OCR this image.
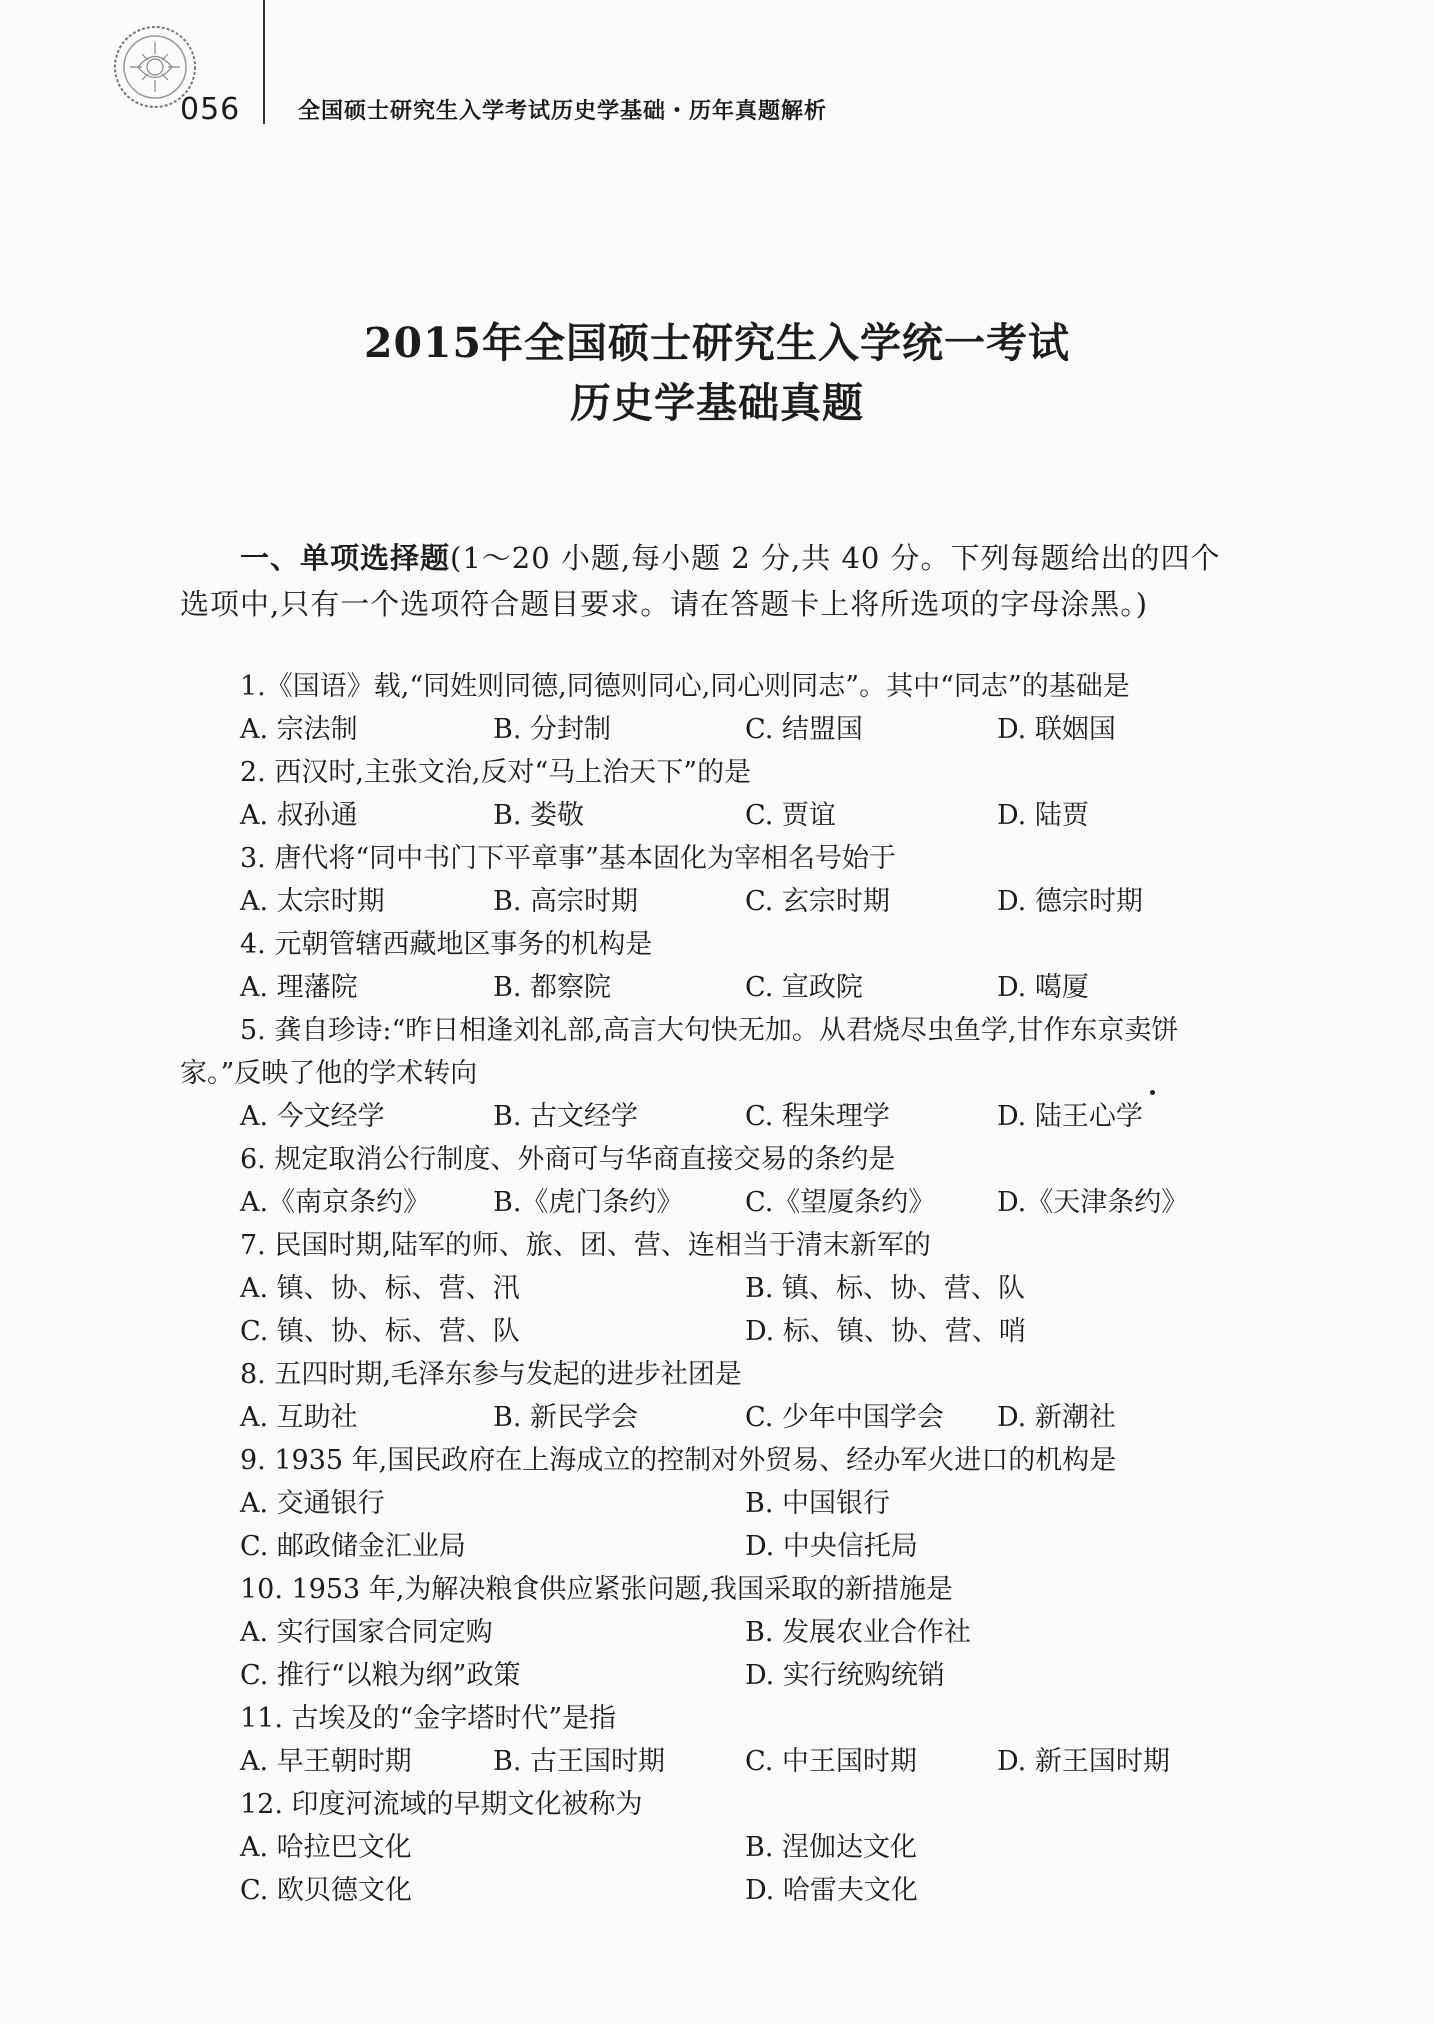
056	全国硕士研究生入学考试历史学基础・历年真题解析
2015年全国硕士研究生入学统一考试
历史学基础真题
一、单项选择题(1～20 小题,每小题 2 分,共 40 分。下列每题给出的四个
选项中,只有一个选项符合题目要求。请在答题卡上将所选项的字母涂黑。)
1.《国语》载,“同姓则同德,同德则同心,同心则同志”。其中“同志”的基础是
A. 宗法制	B. 分封制	C. 结盟国	D. 联姻国
2. 西汉时,主张文治,反对“马上治天下”的是
A. 叔孙通	B. 娄敬	C. 贾谊	D. 陆贾
3. 唐代将“同中书门下平章事”基本固化为宰相名号始于
A. 太宗时期	B. 高宗时期	C. 玄宗时期	D. 德宗时期
4. 元朝管辖西藏地区事务的机构是
A. 理藩院	B. 都察院	C. 宣政院	D. 噶厦
5. 龚自珍诗:“昨日相逢刘礼部,高言大句快无加。从君烧尽虫鱼学,甘作东京卖饼
家。”反映了他的学术转向
A. 今文经学	B. 古文经学	C. 程朱理学	D. 陆王心学
6. 规定取消公行制度、外商可与华商直接交易的条约是
A.《南京条约》 B.《虎门条约》 C.《望厦条约》 D.《天津条约》
7. 民国时期,陆军的师、旅、团、营、连相当于清末新军的
A. 镇、协、标、营、汛	B. 镇、标、协、营、队
C. 镇、协、标、营、队	D. 标、镇、协、营、哨
8. 五四时期,毛泽东参与发起的进步社团是
A. 互助社	B. 新民学会	C. 少年中国学会 D. 新潮社
9. 1935 年,国民政府在上海成立的控制对外贸易、经办军火进口的机构是
A. 交通银行	B. 中国银行
C. 邮政储金汇业局	D. 中央信托局
10. 1953 年,为解决粮食供应紧张问题,我国采取的新措施是
A. 实行国家合同定购	B. 发展农业合作社
C. 推行“以粮为纲”政策	D. 实行统购统销
11. 古埃及的“金字塔时代”是指
A. 早王朝时期	B. 古王国时期	C. 中王国时期	D. 新王国时期
12. 印度河流域的早期文化被称为
A. 哈拉巴文化	B. 涅伽达文化
C. 欧贝德文化	D. 哈雷夫文化
